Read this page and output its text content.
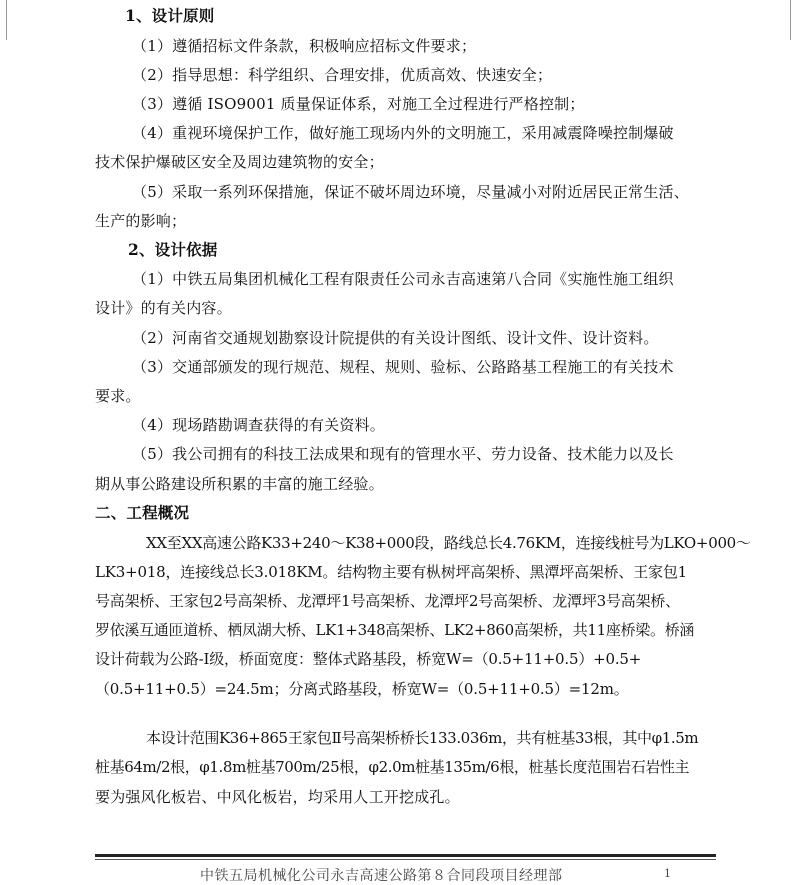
1、设计原则
（1）遵循招标文件条款，积极响应招标文件要求；
（2）指导思想：科学组织、合理安排，优质高效、快速安全；
（3）遵循 ISO9001 质量保证体系，对施工全过程进行严格控制；
（4）重视环境保护工作，做好施工现场内外的文明施工，采用减震降噪控制爆破
技术保护爆破区安全及周边建筑物的安全；
（5）采取一系列环保措施，保证不破坏周边环境，尽量减小对附近居民正常生活、
生产的影响；
2、设计依据
（1）中铁五局集团机械化工程有限责任公司永吉高速第八合同《实施性施工组织
设计》的有关内容。
（2）河南省交通规划勘察设计院提供的有关设计图纸、设计文件、设计资料。
（3）交通部颁发的现行规范、规程、规则、验标、公路路基工程施工的有关技术
要求。
（4）现场踏勘调查获得的有关资料。
（5）我公司拥有的科技工法成果和现有的管理水平、劳力设备、技术能力以及长
期从事公路建设所积累的丰富的施工经验。
二、工程概况
XX至XX高速公路K33+240～K38+000段，路线总长4.76KM，连接线桩号为LKO+000～
LK3+018，连接线总长3.018KM。结构物主要有枞树坪高架桥、黑潭坪高架桥、王家包1
号高架桥、王家包2号高架桥、龙潭坪1号高架桥、龙潭坪2号高架桥、龙潭坪3号高架桥、
罗依溪互通匝道桥、栖凤湖大桥、LK1+348高架桥、LK2+860高架桥，共11座桥梁。桥涵
设计荷载为公路-I级，桥面宽度：整体式路基段，桥宽W=（0.5+11+0.5）+0.5+
（0.5+11+0.5）=24.5m；分离式路基段，桥宽W=（0.5+11+0.5）=12m。
本设计范围K36+865王家包Ⅱ号高架桥桥长133.036m，共有桩基33根，其中φ1.5m
桩基64m/2根，φ1.8m桩基700m/25根，φ2.0m桩基135m/6根，桩基长度范围岩石岩性主
要为强风化板岩、中风化板岩，均采用人工开挖成孔。
中铁五局机械化公司永吉高速公路第８合同段项目经理部	1
